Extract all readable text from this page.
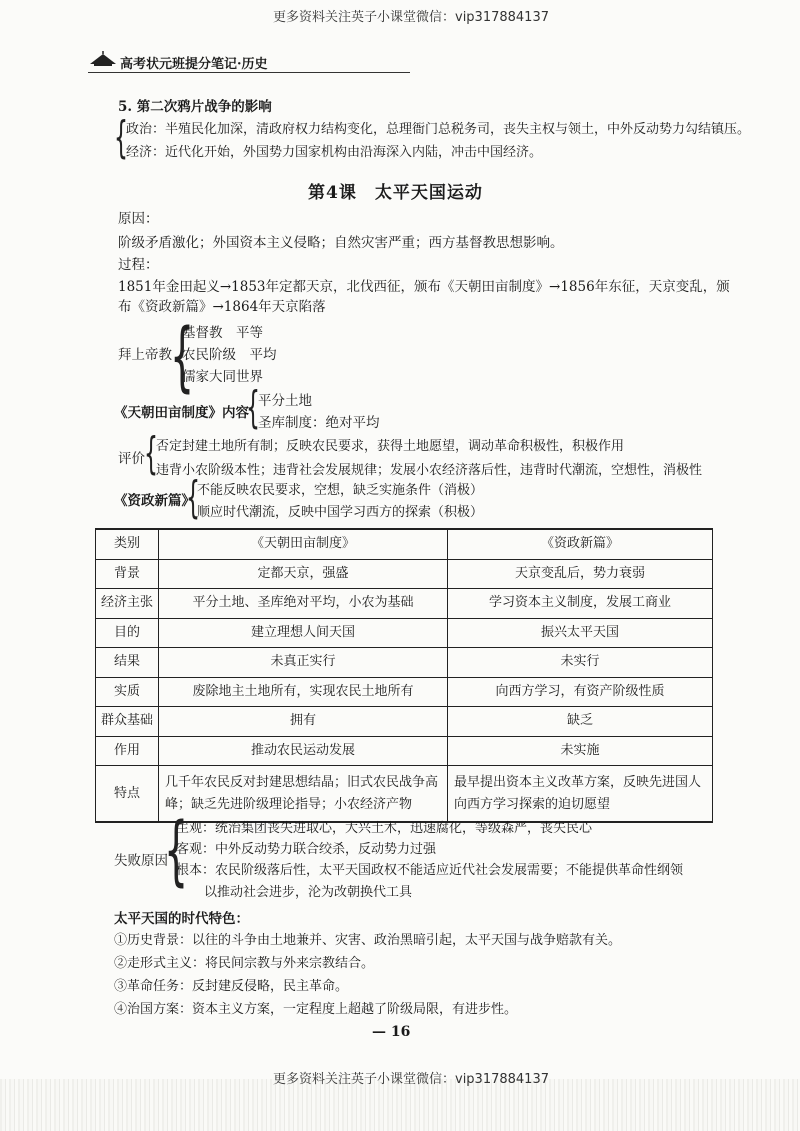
更多资料关注英子小课堂微信：vip317884137
高考状元班提分笔记·历史
5. 第二次鸦片战争的影响
{
政治：半殖民化加深，清政府权力结构变化，总理衙门总税务司，丧失主权与领土，中外反动势力勾结镇压。
经济：近代化开始，外国势力国家机构由沿海深入内陆，冲击中国经济。
第4课　太平天国运动
原因：
阶级矛盾激化；外国资本主义侵略；自然灾害严重；西方基督教思想影响。
过程：
1851年金田起义→1853年定都天京，北伐西征，颁布《天朝田亩制度》→1856年东征，天京变乱，颁
布《资政新篇》→1864年天京陷落
拜上帝教
{
基督教　平等
农民阶级　平均
儒家大同世界
《天朝田亩制度》内容
{
平分土地
圣库制度：绝对平均
评价 {
否定封建土地所有制；反映农民要求，获得土地愿望，调动革命积极性，积极作用
违背小农阶级本性；违背社会发展规律；发展小农经济落后性，违背时代潮流，空想性，消极性
《资政新篇》
{
不能反映农民要求，空想，缺乏实施条件（消极）
顺应时代潮流，反映中国学习西方的探索（积极）
类别	《天朝田亩制度》	《资政新篇》
背景	定都天京，强盛	天京变乱后，势力衰弱
经济主张	平分土地、圣库绝对平均，小农为基础	学习资本主义制度，发展工商业
目的	建立理想人间天国	振兴太平天国
结果	未真正实行	未实行
实质	废除地主土地所有，实现农民土地所有	向西方学习，有资产阶级性质
群众基础	拥有	缺乏
作用	推动农民运动发展	未实施
特点	几千年农民反对封建思想结晶；旧式农民战争高峰；缺乏先进阶级理论指导；小农经济产物	最早提出资本主义改革方案，反映先进国人向西方学习探索的迫切愿望
失败原因
{
主观：统治集团丧失进取心，大兴土木，迅速腐化，等级森严，丧失民心
客观：中外反动势力联合绞杀，反动势力过强
根本：农民阶级落后性，太平天国政权不能适应近代社会发展需要；不能提供革命性纲领
以推动社会进步，沦为改朝换代工具
太平天国的时代特色：
①历史背景：以往的斗争由土地兼并、灾害、政治黑暗引起，太平天国与战争赔款有关。
②走形式主义：将民间宗教与外来宗教结合。
③革命任务：反封建反侵略，民主革命。
④治国方案：资本主义方案，一定程度上超越了阶级局限，有进步性。
— 16
更多资料关注英子小课堂微信：vip317884137
